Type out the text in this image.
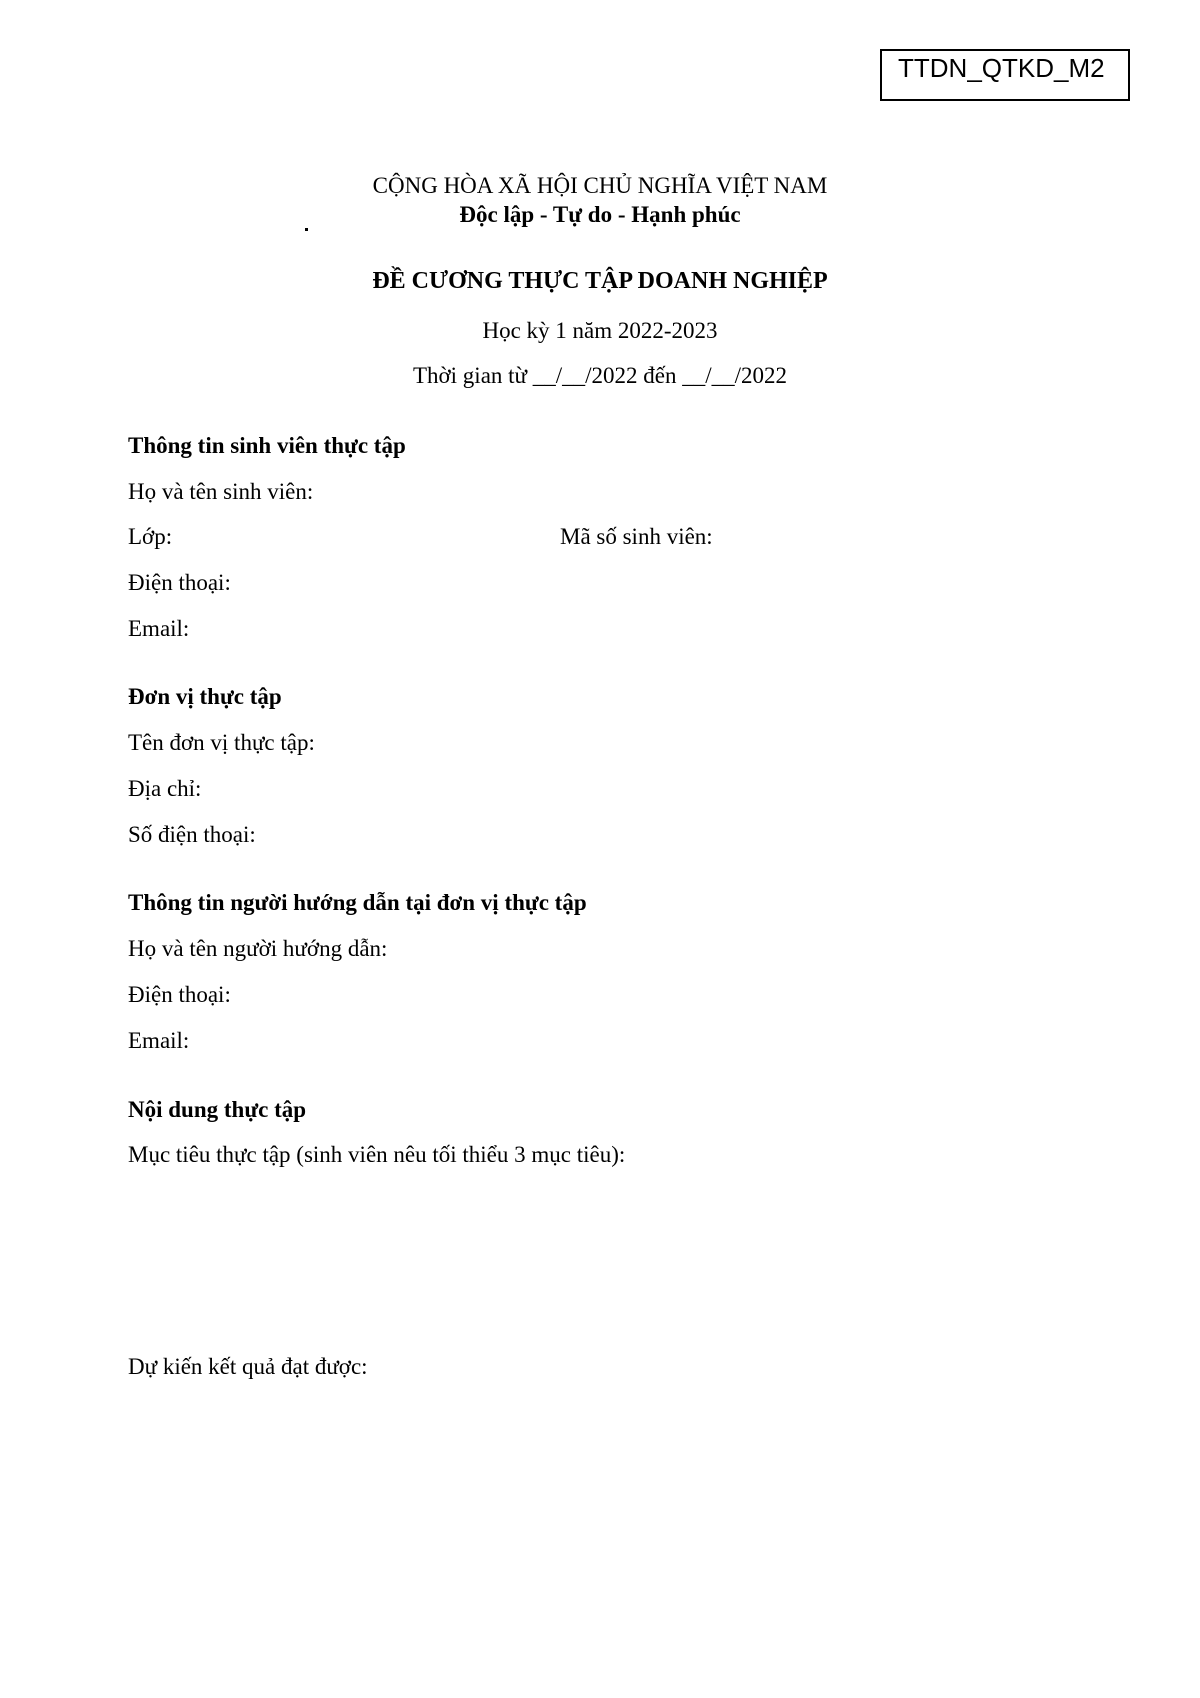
TTDN_QTKD_M2
CỘNG HÒA XÃ HỘI CHỦ NGHĨA VIỆT NAM
Độc lập - Tự do - Hạnh phúc
ĐỀ CƯƠNG THỰC TẬP DOANH NGHIỆP
Học kỳ 1 năm 2022-2023
Thời gian từ __/__/2022 đến __/__/2022
Thông tin sinh viên thực tập
Họ và tên sinh viên:
Lớp:	Mã số sinh viên:
Điện thoại:
Email:
Đơn vị thực tập
Tên đơn vị thực tập:
Địa chỉ:
Số điện thoại:
Thông tin người hướng dẫn tại đơn vị thực tập
Họ và tên người hướng dẫn:
Điện thoại:
Email:
Nội dung thực tập
Mục tiêu thực tập (sinh viên nêu tối thiểu 3 mục tiêu):
Dự kiến kết quả đạt được:
